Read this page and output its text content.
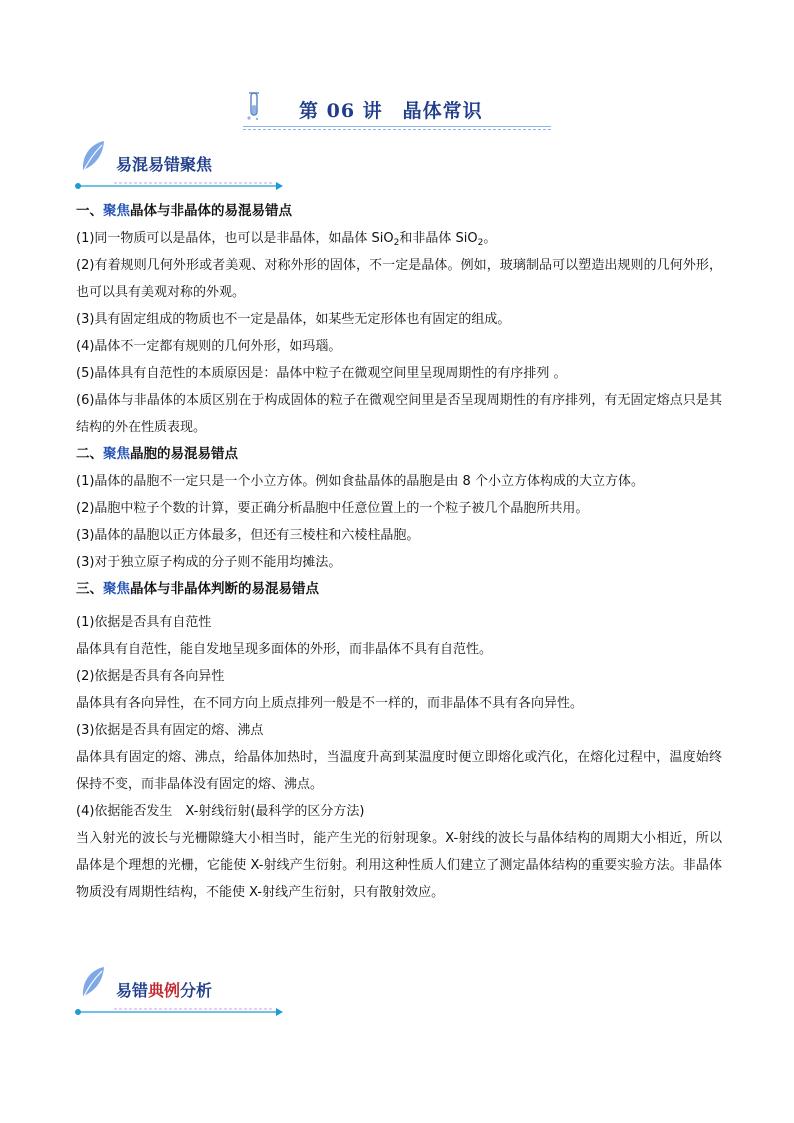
第 06 讲　晶体常识
易混易错聚焦
一、聚焦晶体与非晶体的易混易错点
(1)同一物质可以是晶体，也可以是非晶体，如晶体 SiO$_2$和非晶体 SiO$_2$。
(2)有着规则几何外形或者美观、对称外形的固体，不一定是晶体。例如，玻璃制品可以塑造出规则的几何外形，也可以具有美观对称的外观。
(3)具有固定组成的物质也不一定是晶体，如某些无定形体也有固定的组成。
(4)晶体不一定都有规则的几何外形，如玛瑙。
(5)晶体具有自范性的本质原因是：晶体中粒子在微观空间里呈现周期性的有序排列 。
(6)晶体与非晶体的本质区别在于构成固体的粒子在微观空间里是否呈现周期性的有序排列，有无固定熔点只是其结构的外在性质表现。
二、聚焦晶胞的易混易错点
(1)晶体的晶胞不一定只是一个小立方体。例如食盐晶体的晶胞是由 8 个小立方体构成的大立方体。
(2)晶胞中粒子个数的计算，要正确分析晶胞中任意位置上的一个粒子被几个晶胞所共用。
(3)晶体的晶胞以正方体最多，但还有三棱柱和六棱柱晶胞。
(3)对于独立原子构成的分子则不能用均摊法。
三、聚焦晶体与非晶体判断的易混易错点
(1)依据是否具有自范性
晶体具有自范性，能自发地呈现多面体的外形，而非晶体不具有自范性。
(2)依据是否具有各向异性
晶体具有各向异性，在不同方向上质点排列一般是不一样的，而非晶体不具有各向异性。
(3)依据是否具有固定的熔、沸点
晶体具有固定的熔、沸点，给晶体加热时，当温度升高到某温度时便立即熔化或汽化，在熔化过程中，温度始终保持不变，而非晶体没有固定的熔、沸点。
(4)依据能否发生　X-射线衍射(最科学的区分方法)
当入射光的波长与光栅隙缝大小相当时，能产生光的衍射现象。X-射线的波长与晶体结构的周期大小相近，所以晶体是个理想的光栅，它能使 X-射线产生衍射。利用这种性质人们建立了测定晶体结构的重要实验方法。非晶体物质没有周期性结构，不能使 X-射线产生衍射，只有散射效应。
易错典例分析
